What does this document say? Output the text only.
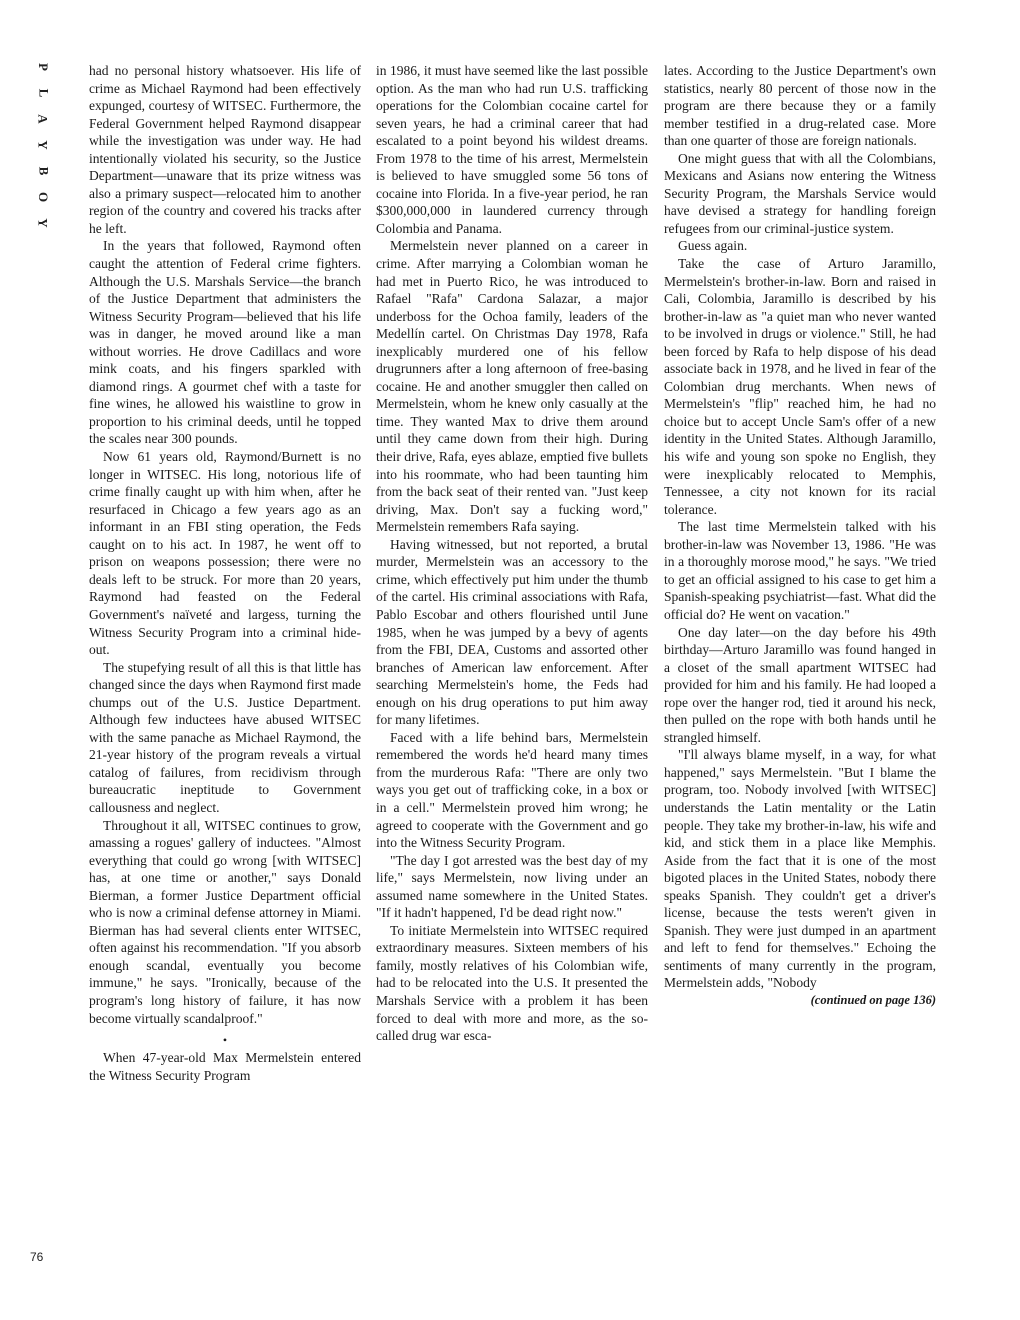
P
L
A
Y
B
O
Y
76

had no personal history whatsoever. His life of crime as Michael Raymond had been effectively expunged, courtesy of WITSEC. Furthermore, the Federal Government helped Raymond disappear while the investigation was under way. He had intentionally violated his security, so the Justice Department—unaware that its prize witness was also a primary suspect—relocated him to another region of the country and covered his tracks after he left.

In the years that followed, Raymond often caught the attention of Federal crime fighters. Although the U.S. Marshals Service—the branch of the Justice Department that administers the Witness Security Program—believed that his life was in danger, he moved around like a man without worries. He drove Cadillacs and wore mink coats, and his fingers sparkled with diamond rings. A gourmet chef with a taste for fine wines, he allowed his waistline to grow in proportion to his criminal deeds, until he topped the scales near 300 pounds.

Now 61 years old, Raymond/Burnett is no longer in WITSEC. His long, notorious life of crime finally caught up with him when, after he resurfaced in Chicago a few years ago as an informant in an FBI sting operation, the Feds caught on to his act. In 1987, he went off to prison on weapons possession; there were no deals left to be struck. For more than 20 years, Raymond had feasted on the Federal Government's naïveté and largess, turning the Witness Security Program into a criminal hide-out.

The stupefying result of all this is that little has changed since the days when Raymond first made chumps out of the U.S. Justice Department. Although few inductees have abused WITSEC with the same panache as Michael Raymond, the 21-year history of the program reveals a virtual catalog of failures, from recidivism through bureaucratic ineptitude to Government callousness and neglect.

Throughout it all, WITSEC continues to grow, amassing a rogues' gallery of inductees. "Almost everything that could go wrong [with WITSEC] has, at one time or another," says Donald Bierman, a former Justice Department official who is now a criminal defense attorney in Miami. Bierman has had several clients enter WITSEC, often against his recommendation. "If you absorb enough scandal, eventually you become immune," he says. "Ironically, because of the program's long history of failure, it has now become virtually scandalproof."

•

When 47-year-old Max Mermelstein entered the Witness Security Program

in 1986, it must have seemed like the last possible option. As the man who had run U.S. trafficking operations for the Colombian cocaine cartel for seven years, he had a criminal career that had escalated to a point beyond his wildest dreams. From 1978 to the time of his arrest, Mermelstein is believed to have smuggled some 56 tons of cocaine into Florida. In a five-year period, he ran $300,000,000 in laundered currency through Colombia and Panama.

Mermelstein never planned on a career in crime. After marrying a Colombian woman he had met in Puerto Rico, he was introduced to Rafael "Rafa" Cardona Salazar, a major underboss for the Ochoa family, leaders of the Medellín cartel. On Christmas Day 1978, Rafa inexplicably murdered one of his fellow drugrunners after a long afternoon of free-basing cocaine. He and another smuggler then called on Mermelstein, whom he knew only casually at the time. They wanted Max to drive them around until they came down from their high. During their drive, Rafa, eyes ablaze, emptied five bullets into his roommate, who had been taunting him from the back seat of their rented van. "Just keep driving, Max. Don't say a fucking word," Mermelstein remembers Rafa saying.

Having witnessed, but not reported, a brutal murder, Mermelstein was an accessory to the crime, which effectively put him under the thumb of the cartel. His criminal associations with Rafa, Pablo Escobar and others flourished until June 1985, when he was jumped by a bevy of agents from the FBI, DEA, Customs and assorted other branches of American law enforcement. After searching Mermelstein's home, the Feds had enough on his drug operations to put him away for many lifetimes.

Faced with a life behind bars, Mermelstein remembered the words he'd heard many times from the murderous Rafa: "There are only two ways you get out of trafficking coke, in a box or in a cell." Mermelstein proved him wrong; he agreed to cooperate with the Government and go into the Witness Security Program.

"The day I got arrested was the best day of my life," says Mermelstein, now living under an assumed name somewhere in the United States. "If it hadn't happened, I'd be dead right now."

To initiate Mermelstein into WITSEC required extraordinary measures. Sixteen members of his family, mostly relatives of his Colombian wife, had to be relocated into the U.S. It presented the Marshals Service with a problem it has been forced to deal with more and more, as the so-called drug war esca-

lates. According to the Justice Department's own statistics, nearly 80 percent of those now in the program are there because they or a family member testified in a drug-related case. More than one quarter of those are foreign nationals.

One might guess that with all the Colombians, Mexicans and Asians now entering the Witness Security Program, the Marshals Service would have devised a strategy for handling foreign refugees from our criminal-justice system.

Guess again.

Take the case of Arturo Jaramillo, Mermelstein's brother-in-law. Born and raised in Cali, Colombia, Jaramillo is described by his brother-in-law as "a quiet man who never wanted to be involved in drugs or violence." Still, he had been forced by Rafa to help dispose of his dead associate back in 1978, and he lived in fear of the Colombian drug merchants. When news of Mermelstein's "flip" reached him, he had no choice but to accept Uncle Sam's offer of a new identity in the United States. Although Jaramillo, his wife and young son spoke no English, they were inexplicably relocated to Memphis, Tennessee, a city not known for its racial tolerance.

The last time Mermelstein talked with his brother-in-law was November 13, 1986. "He was in a thoroughly morose mood," he says. "We tried to get an official assigned to his case to get him a Spanish-speaking psychiatrist—fast. What did the official do? He went on vacation."

One day later—on the day before his 49th birthday—Arturo Jaramillo was found hanged in a closet of the small apartment WITSEC had provided for him and his family. He had looped a rope over the hanger rod, tied it around his neck, then pulled on the rope with both hands until he strangled himself.

"I'll always blame myself, in a way, for what happened," says Mermelstein. "But I blame the program, too. Nobody involved [with WITSEC] understands the Latin mentality or the Latin people. They take my brother-in-law, his wife and kid, and stick them in a place like Memphis. Aside from the fact that it is one of the most bigoted places in the United States, nobody there speaks Spanish. They couldn't get a driver's license, because the tests weren't given in Spanish. They were just dumped in an apartment and left to fend for themselves." Echoing the sentiments of many currently in the program, Mermelstein adds, "Nobody

(continued on page 136)
